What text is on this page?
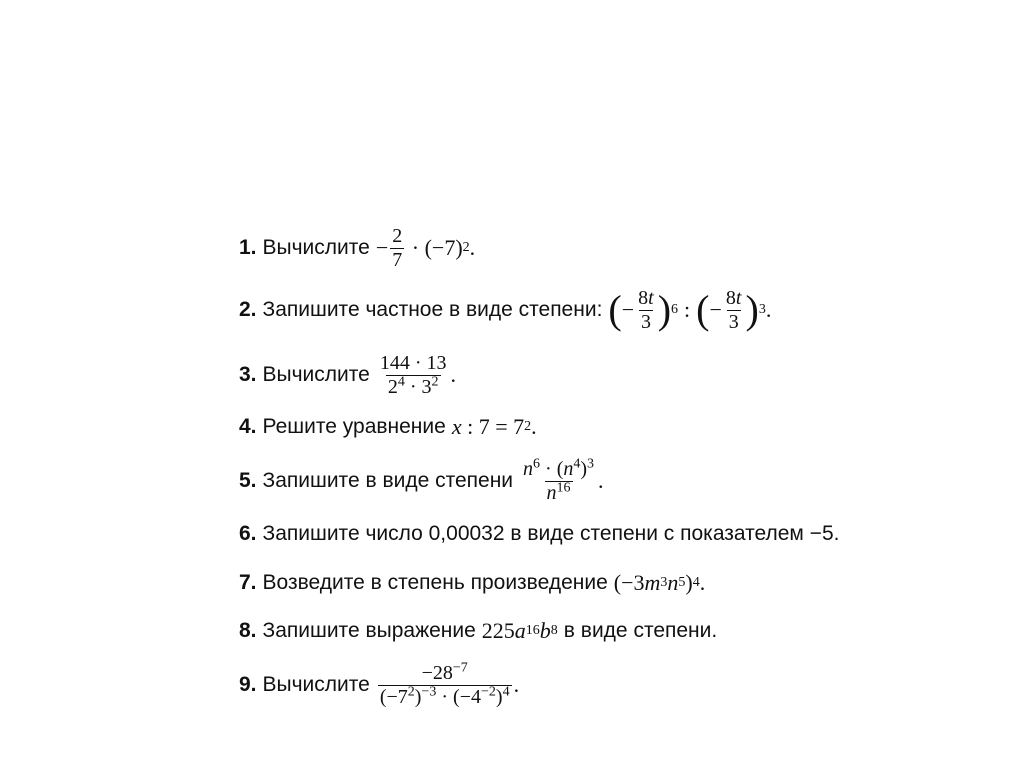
1. Вычислите − $\frac{2}{7} \cdot (-7)$ 2 .
2. Запишите частное в виде степени: ( − $\frac{8t}{3}$ ) 6 : ( − $\frac{8t}{3}$ ) 3 .
3. Вычислите $\frac{144 \cdot 13}{2^4 \cdot 3^2}$ .
4. Решите уравнение x : 7 = 7 2 .
5. Запишите в виде степени $\frac{n^6 \cdot (n^4)^3}{n^{16}}$ .
6. Запишите число 0,00032 в виде степени с показателем −5.
7. Возведите в степень произведение (−3 m 3 n 5 ) 4 .
8. Запишите выражение 225 a 16 b 8 в виде степени.
9. Вычислите $\frac{-28^{-7}}{(-7^2)^{-3} \cdot (-4^{-2})^4}$ .
